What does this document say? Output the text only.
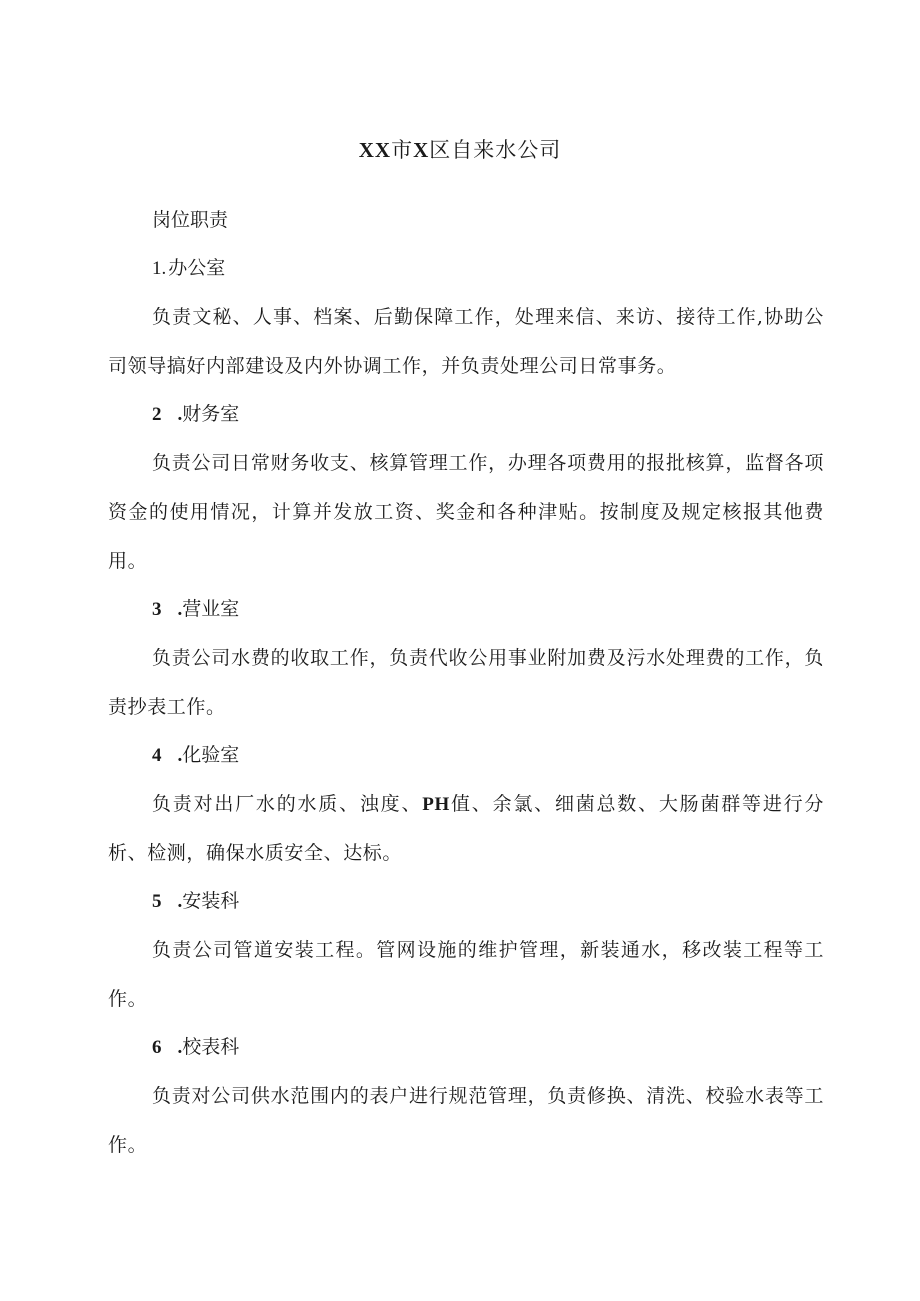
XX市X区自来水公司
岗位职责
1. 办公室

负责文秘、人事、档案、后勤保障工作，处理来信、来访、接待工作,协助公司领导搞好内部建设及内外协调工作，并负责处理公司日常事务。

2 .财务室

负责公司日常财务收支、核算管理工作，办理各项费用的报批核算，监督各项资金的使用情况，计算并发放工资、奖金和各种津贴。按制度及规定核报其他费用。

3 .营业室

负责公司水费的收取工作，负责代收公用事业附加费及污水处理费的工作，负责抄表工作。

4 .化验室

负责对出厂水的水质、浊度、PH值、余氯、细菌总数、大肠菌群等进行分析、检测，确保水质安全、达标。

5 .安装科

负责公司管道安装工程。管网设施的维护管理，新装通水，移改装工程等工作。

6 .校表科

负责对公司供水范围内的表户进行规范管理，负责修换、清洗、校验水表等工作。
